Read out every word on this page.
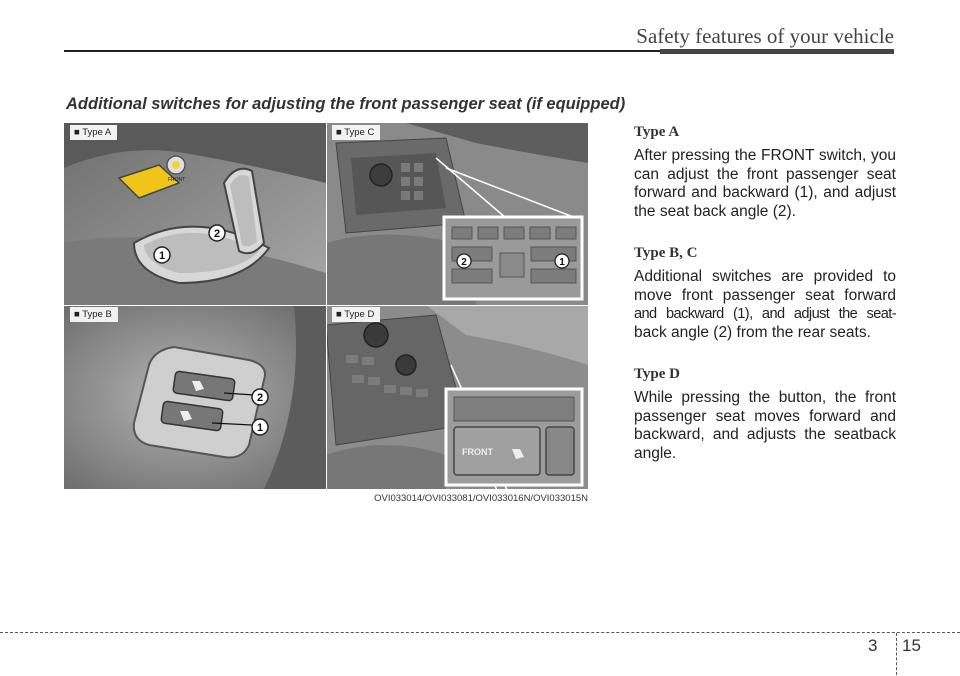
Safety features of your vehicle
Additional switches for adjusting the front passenger seat (if equipped)
FRONT
1
2
■ Type A
2	1
■ Type C
2
1
■ Type B
FRONT
■ Type D
OVI033014/OVI033081/OVI033016N/OVI033015N
Type A

After pressing the FRONT switch, you can adjust the front passenger seat forward and backward (1), and adjust the seat back angle (2).

Type B, C

Additional switches are provided to move front passenger seat forward and backward (1), and adjust the seat- back angle (2) from the rear seats.

Type D

While pressing the button, the front passenger seat moves forward and backward, and adjusts the seatback angle.

3 15
